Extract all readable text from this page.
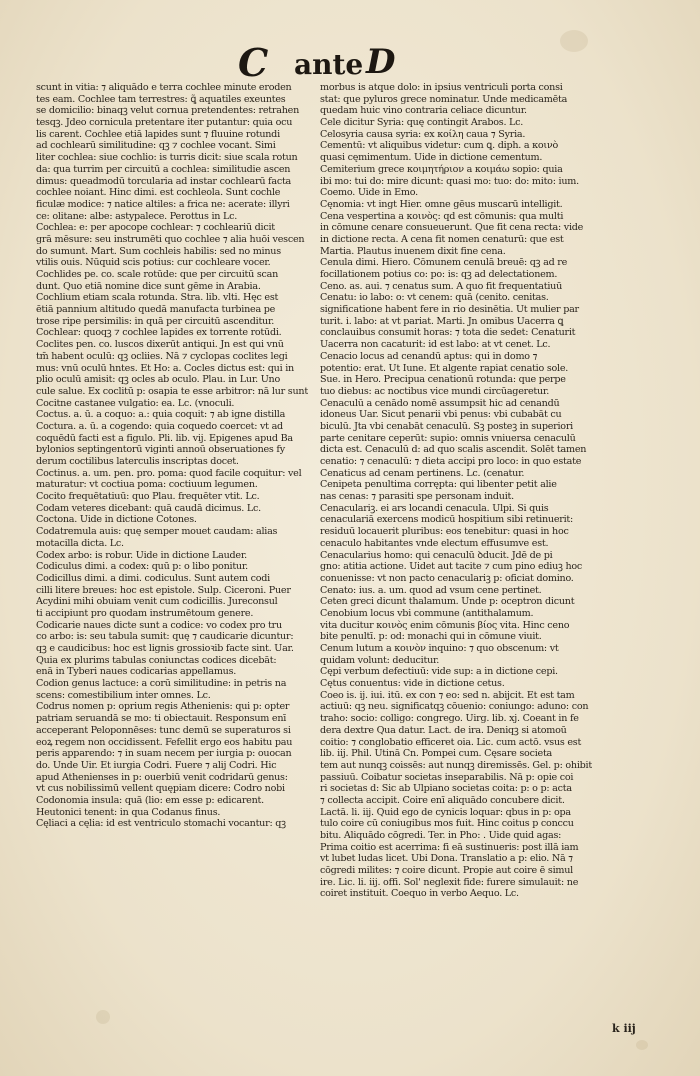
C ante D
scunt in vitia: ⁊ aliquādo e terra cochlee minute eroden
tes eam. Cochlee tam terrestres: ꝗ̃ aquatiles exeuntes
se domicilio: binaqꝫ velut cornua pretendentes: retrahen
tesqꝫ. Jdeo cornicula pretentare iter putantur: quia ocu
lis carent. Cochlee etiā lapides sunt ⁊ fluuine rotundi
ad cochlearū similitudine: qꝫ ⁊ cochlee vocant. Simi
liter cochlea: siue cochlio: is turris dicit: siue scala rotun
da: qua turrim per circuitū a cochlea: similitudie ascen
dimus: queadmodū torcularia ad instar cochlearū facta
cochlee noiant. Hinc dimi. est cochleola. Sunt cochle
ficulæ modice: ⁊ natice altiles: a frica ne: acerate: illyri
ce: olitane: albe: astypalece. Perottus in Lc.
Cochlea: e: per apocope cochlear: ⁊ cochleariū dicit
grā mēsure: seu instrumēti quo cochlee ⁊ alia huōi vescen
do sumunt. Mart. Sum cochleis habilis: sed no minus
vtilis ouis. Nūquid scis potius: cur cochleare vocer.
Cochlides pe. co. scale rotūde: que per circuitū scan
dunt. Quo etiā nomine dice sunt gēme in Arabia.
Cochlium etiam scala rotunda. Stra. lib. vlti. Hęc est
ētiā pannium altitudo quedā manufacta turbinea pe
trose ripe persimilis: in quā per circuitū ascenditur.
Cochlear: quoqꝫ ⁊ cochlee lapides ex torrente rotūdi.
Coclites pen. co. luscos dixerūt antiqui. Jn est qui vnū
tm̄ habent oculū: qꝫ ocliies. Nā ⁊ cyclopas coclites legi
mus: vnū oculū hntes. Et Ho: a. Cocles dictus est: qui in
plio oculū amisit: qꝫ ocles ab oculo. Plau. in Lur. Uno
cule salue. Ex coclitū p: osapia te esse arbitror: nā lur sunt
Cocitne castanee vulgatio: ea. Lc. (vnoculi.
Coctus. a. ū. a coquo: a.: quia coquit: ⁊ ab igne distilla
Coctura. a. ū. a cogendo: quia coquedo coercet: vt ad
coquēdū facti est a figulo. Pli. lib. vij. Epigenes apud Ba
byloniοs septingentorū viginti annoū obseruationes fy
derum coctilibus laterculis inscriptas docet.
Coctinus. a. um. pen. pro. poma: quod facile coquitur: vel
maturatur: vt coctiua poma: coctiuum legumen.
Cocito frequētatiuū: quo Plau. frequēter vtit. Lc.
Codam veteres dicebant: quā caudā dicimus. Lc.
Coctona. Uide in dictione Cotones.
Codatremula auis: quę semper mouet caudam: alias
motacilla dicta. Lc.
Codex arbo: is robur. Uide in dictione Lauder.
Codiculus dimi. a codex: quū p: o libo ponitur.
Codicillus dimi. a dimi. codiculus. Sunt autem codi
cilli litere breues: hoc est epistole. Sulp. Ciceroni. Puer
Acydini mihi obuiam venit cum codicillis. Jureconsul
ti accipiunt pro quodam instrumētoum genere.
Codicarie naues dicte sunt a codice: vo codex pro tru
co arbo: is: seu tabula sumit: quę ⁊ caudicarie dicuntur:
qꝫ e caudicibus: hoc est lignis grossioꝛib̄ facte sint. Uar.
Quia ex plurims tabulas coniunctas codices dicebāt:
enā in Tyberi naues codicarias appellamus.
Codion genus lactuce: a corū similitudine: in petris na
scens: comestibilium inter omnes. Lc.
Codrus nomen p: oprium regis Athenienis: qui p: opter
patriam seruandā se mo: ti obiectauit. Responsum enī
acceperant Peloponnēses: tunc demū se superaturos si
eoꝝ regem non occidissent. Fefellit ergo eos habitu pau
peris apparendo: ⁊ in suam necem per iurgia p: ouocan
do. Unde Uir. Et iurgia Codri. Fuere ⁊ alij Codri. Hic
apud Athenienses in p: ouerbiū venit codridarū genus:
vt cus nobilissimū vellent quępiam dicere: Codro nobi
Codonomia insula: quā (lio: em esse p: edicarent.
Heutonici tenent: in qua Codanus finus.
Cęliaci a cęlia: id est ventriculo stomachi vocantur: qꝫ
morbus is atque dolo: in ipsius ventriculi porta consi
stat: que pyluros grece nominatur. Unde medicamēta
quedam huic vino contraria celiace dicuntur.
Cele dicitur Syria: quę contingit Arabos. Lc.
Celosyria causa syria: ex κοίλη caua ⁊ Syria.
Cementū: vt aliquibus videtur: cum ꝗ. diph. a κοινὸ
quasi cęmimentum. Uide in dictione cementum.
Cemiterium grece κοιμητήριον a κοιμάω sopio: quia
ibi mo: tui do: mire dicunt: quasi mo: tuo: do: mito: ium.
Coemo. Uide in Emo.
Cęnomia: vt ingt Hier. omne gēus muscarū intelligit.
Cena vespertina a κοινὸς: qd est cōmunis: qua multi
in cōmune cenare consueuerunt. Que fit cena recta: vide
in dictione recta. A cena fit nomen cenaturū: que est
Martia. Plautus inuenem dixit fine cena.
Cenula dimi. Hiero. Cōmunem cenulā breuē: qꝫ ad re
focillationem potius co: po: is: qꝫ ad delectationem.
Ceno. as. aui. ⁊ cenatus sum. A quo fit frequentatiuū
Cenatu: io labo: o: vt cenem: quā (cenito. cenitas.
significatione habent fere in rio desinētia. Ut mulier par
turit. i. labo: at vt pariat. Marti. Jn omibus Uacerra ꝗ
conclauibus consumit horas: ⁊ tota die sedet: Cenaturit
Uacerra non cacaturit: id est labo: at vt cenet. Lc.
Cenacio locus ad cenandū aptus: qui in domo ⁊
potentio: erat. Ut Iune. Et algente rapiat cenatio sole.
Sue. in Hero. Precipua cenationū rotunda: que perpe
tuo diebus: ac noctibus vice mundi circūageretur.
Cenaculū a cenādo nomē assumpsit hic ad cenandū
idoneus Uar. Sicut penarii vbi penus: vbi cubabāt cu
biculū. Jta vbi cenabāt cenaculū. Sꝫ posteꝫ in superiori
parte cenitare ceperūt: supio: omnis vniuersa cenaculū
dicta est. Cenaculū d: ad quo scalis ascendit. Solēt tamen
cenatio: ⁊ cenaculū: ⁊ dieta accipi pro loco: in quo estate
Cenaticus ad cenam pertinens. Lc. (cenatur.
Cenipeta penultima corrępta: qui libenter petit alie
nas cenas: ⁊ parasiti spe personam induit.
Cenaculariꝫ. ei ars locandi cenacula. Ulpi. Si quis
cenaculariā exercens modicū hospitium sibi retinuerit:
residuū locauerit pluribus: eos tenebitur: quasi in hoc
cenaculo habitantes vnde electum effusumve est.
Cenacularius homo: qui cenaculū ꝺducit. Jdē de pi
gno: atitia actione. Uidet aut tacite ⁊ cum pino ediuꝫ hoc
conuenisse: vt non pacto cenaculariꝫ p: oficiat domino.
Cenato: ius. a. um. quod ad vsum cene pertinet.
Ceten greci dicunt thalamum. Unde p: oceptron dicunt
Cenobium locus vbi commune (antithalamum.
vita ducitur κοινὸς enim cōmunis βίος vita. Hinc ceno
bite penultī. p: od: monachi qui in cōmune viuit.
Cenum lutum a κοινὸν inquino: ⁊ quo obscenum: vt
quidam volunt: deducitur.
Cępi verbum defectiuū: vide sup: a in dictione cepi.
Cętus conuentus: vide in dictione cetus.
Coeo is. ij. iui. itū. ex con ⁊ eo: sed n. abijcit. Et est tam
actiuū: qꝫ neu. significatqꝫ cōuenio: coniungo: aduno: con
traho: socio: colligo: congrego. Uirg. lib. xj. Coeant in fe
dera dextre Qua datur. Lact. de ira. Deniqꝫ si atomoū
coitio: ⁊ conglobatio efficeret oia. Lic. cum actō. vsus est
lib. iij. Phil. Utinā Cn. Pompei cum. Cęsare societa
tem aut nunqꝫ coissēs: aut nunqꝫ diremissēs. Gel. p: ohibit
passiuū. Coibatur societas inseparabilis. Nā p: opie coi
ri societas d: Sic ab Ulpiano societas coita: p: o p: acta
⁊ collecta accipit. Coire enī aliquādo concubere dicit.
Lactā. li. iij. Quid ego de cynicis loquar: qbus in p: opa
tulo coire cū coniugibus mos fuit. Hinc coitus p conccu
bitu. Aliquādo cōgredi. Ter. in Pho: . Uide quid agas:
Prima coitio est acerrima: fi eā sustinueris: post illā iam
vt lubet ludas licet. Ubi Dona. Translatio a p: elio. Nā ⁊
cōgredi milites: ⁊ coire dicunt. Propie aut coire ē simul
ire. Lic. li. iij. offi. Sol' neglexit fide: furere simulauit: ne
coiret instituit. Coequo in verbo Aequo. Lc.
k iij
